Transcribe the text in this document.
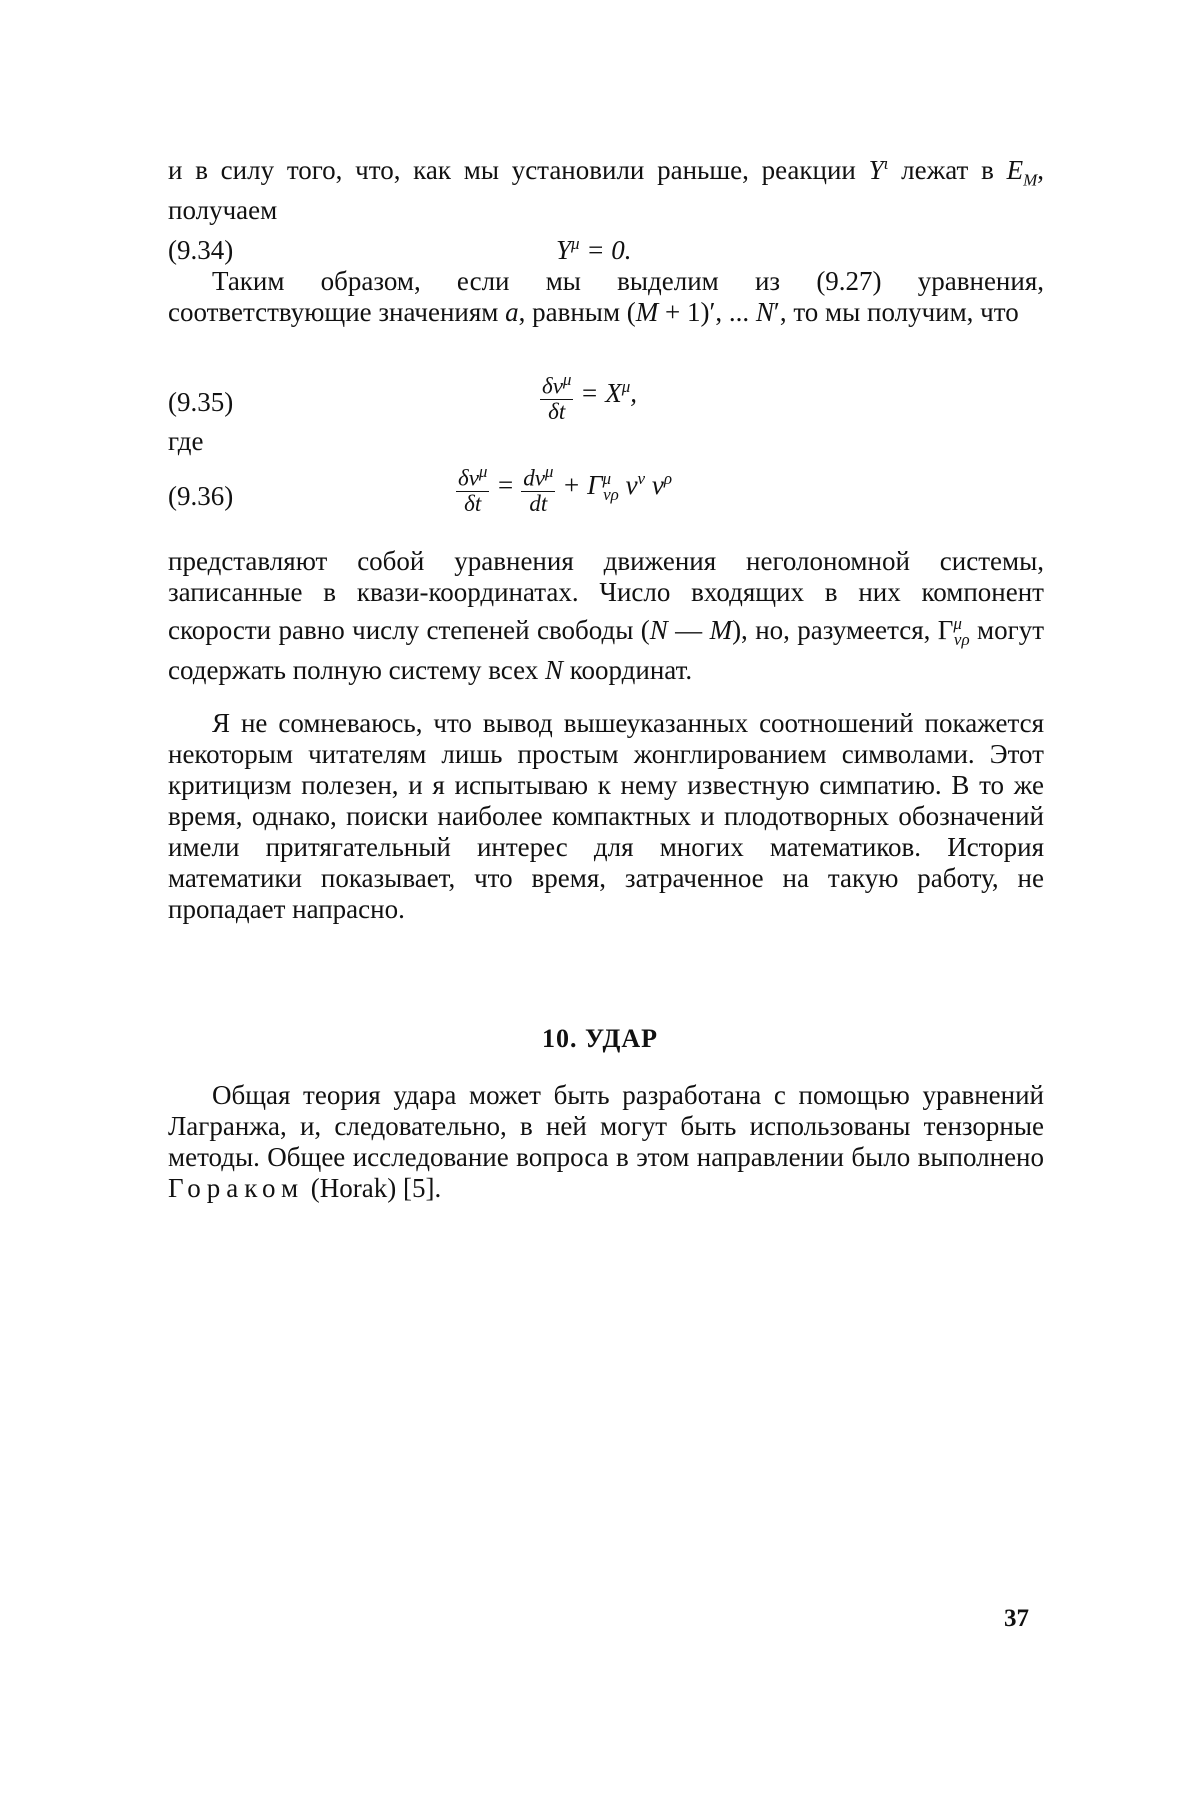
и в силу того, что, как мы установили раньше, реакции $Y^\iota$ лежат в $E_M$, получаем
(9.34)	$Y^\mu = 0$.
Таким образом, если мы выделим из (9.27) уравнения, соответствующие значениям a, равным (M + 1)′, ... N′, то мы получим, что
(9.35)	$\frac{\delta v^\mu}{\delta t} = X^\mu$,
где
(9.36)	$\frac{\delta v^\mu}{\delta t} = \frac{dv^\mu}{dt} + \Gamma^\mu_{\nu\rho}$ $v^\nu$ $v^\rho$
представляют собой уравнения движения неголономной системы, записанные в квази-координатах. Число входящих в них компонент скорости равно числу степеней свободы (N — M), но, разумеется, $\Gamma^\mu_{\nu\rho}$ могут содержать полную систему всех N координат.
Я не сомневаюсь, что вывод вышеуказанных соотношений покажется некоторым читателям лишь простым жонглированием символами. Этот критицизм полезен, и я испытываю к нему известную симпатию. В то же время, однако, поиски наиболее компактных и плодотворных обозначений имели притягательный интерес для многих математиков. История математики показывает, что время, затраченное на такую работу, не пропадает напрасно.
10. УДАР
Общая теория удара может быть разработана с помощью уравнений Лагранжа, и, следовательно, в ней могут быть использованы тензорные методы. Общее исследование вопроса в этом направлении было выполнено Гораком (Horak) [5].
37
